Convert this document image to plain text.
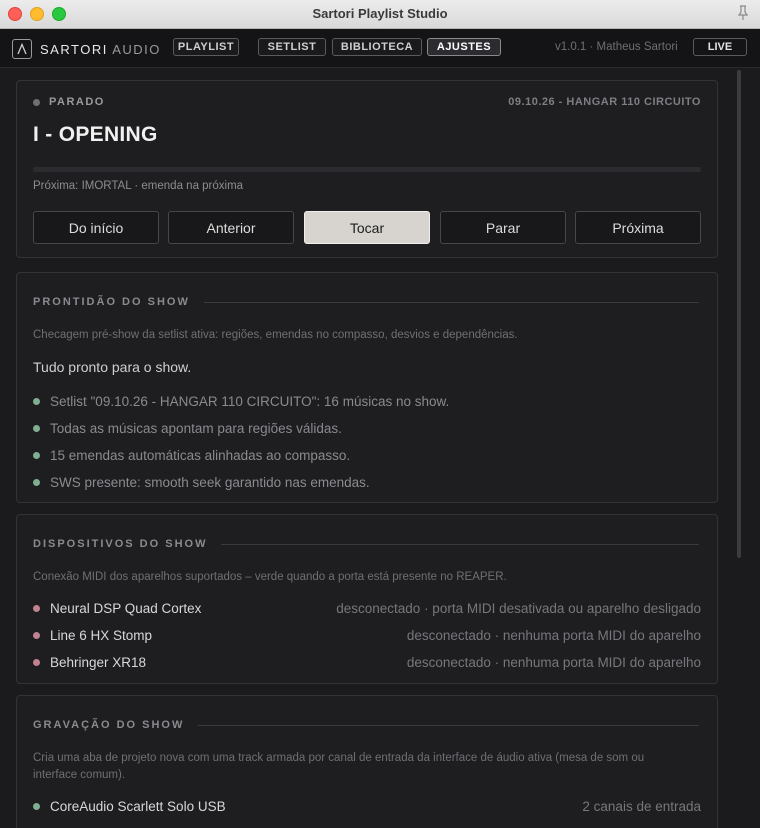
Sartori Playlist Studio
SARTORI AUDIO	PLAYLIST	SETLIST	BIBLIOTECA	AJUSTES	v1.0.1 · Matheus Sartori	LIVE
PARADO	09.10.26 - HANGAR 110 CIRCUITO
I - OPENING
Próxima: IMORTAL · emenda na próxima
Do início	Anterior	Tocar	Parar	Próxima
PRONTIDÃO DO SHOW
Checagem pré-show da setlist ativa: regiões, emendas no compasso, desvios e dependências.
Tudo pronto para o show.
Setlist "09.10.26 - HANGAR 110 CIRCUITO": 16 músicas no show.
Todas as músicas apontam para regiões válidas.
15 emendas automáticas alinhadas ao compasso.
SWS presente: smooth seek garantido nas emendas.
DISPOSITIVOS DO SHOW
Conexão MIDI dos aparelhos suportados – verde quando a porta está presente no REAPER.
Neural DSP Quad Cortex	desconectado · porta MIDI desativada ou aparelho desligado
Line 6 HX Stomp	desconectado · nenhuma porta MIDI do aparelho
Behringer XR18	desconectado · nenhuma porta MIDI do aparelho
GRAVAÇÃO DO SHOW
Cria uma aba de projeto nova com uma track armada por canal de entrada da interface de áudio ativa (mesa de som ou
interface comum).
CoreAudio Scarlett Solo USB	2 canais de entrada
